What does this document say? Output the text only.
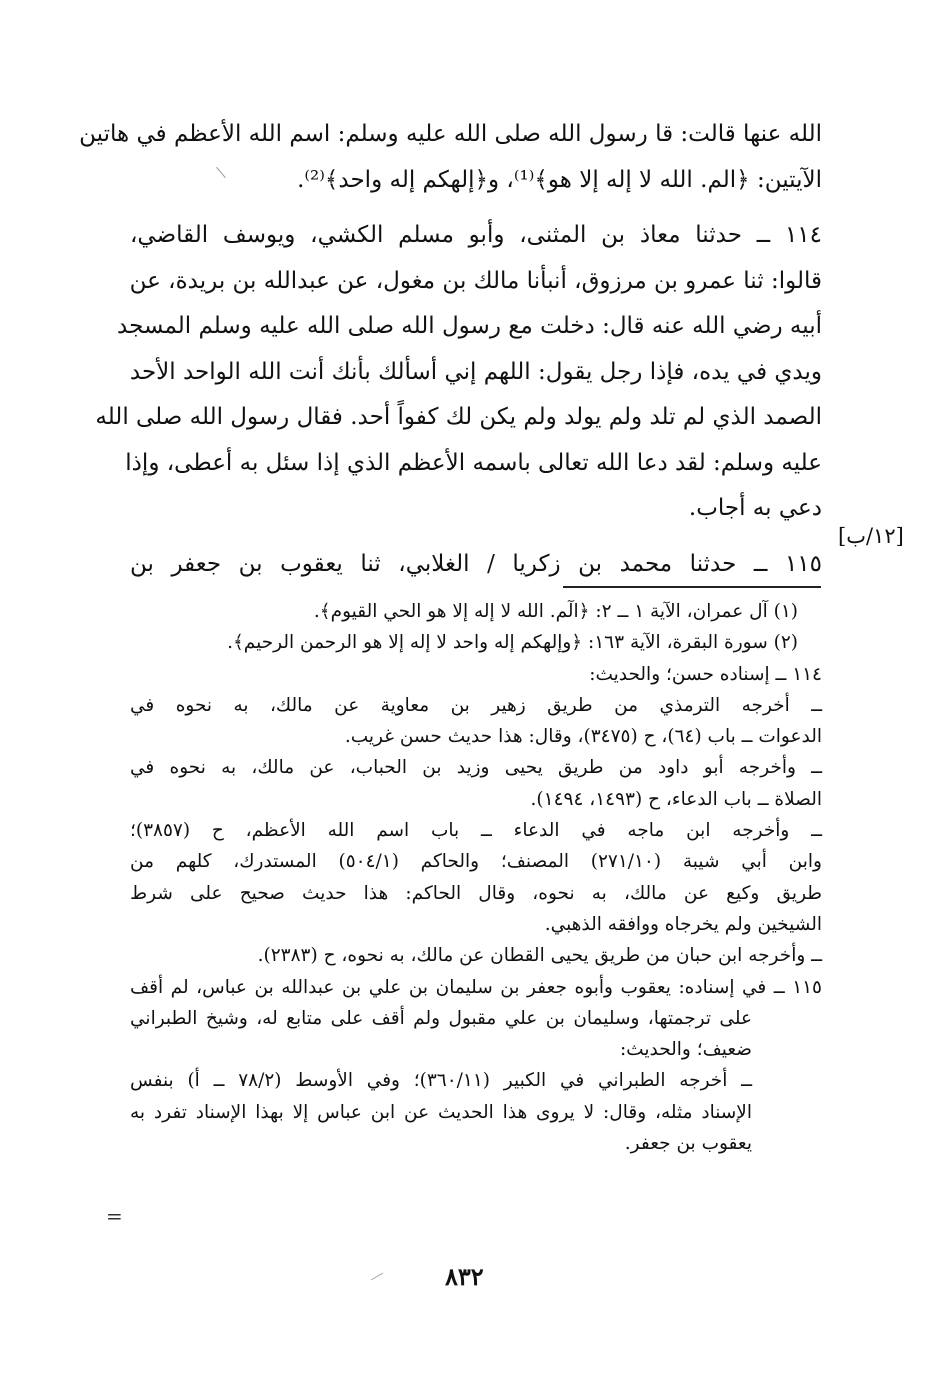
الله عنها قالت: قا رسول الله صلى الله عليه وسلم: اسم الله الأعظم في هاتين
الآيتين: ﴿الم. الله لا إله إلا هو﴾⁽¹⁾، و﴿إلهكم إله واحد﴾⁽²⁾.
١١٤ ــ حدثنا معاذ بن المثنى، وأبو مسلم الكشي، ويوسف القاضي،
قالوا: ثنا عمرو بن مرزوق، أنبأنا مالك بن مغول، عن عبدالله بن بريدة، عن
أبيه رضي الله عنه قال: دخلت مع رسول الله صلى الله عليه وسلم المسجد
ويدي في يده، فإذا رجل يقول: اللهم إني أسألك بأنك أنت الله الواحد الأحد
الصمد الذي لم تلد ولم يولد ولم يكن لك كفواً أحد. فقال رسول الله صلى الله
عليه وسلم: لقد دعا الله تعالى باسمه الأعظم الذي إذا سئل به أعطى، وإذا
دعي به أجاب.
١١٥ ــ حدثنا محمد بن زكريا / الغلابي، ثنا يعقوب بن جعفر بن
[١٢/ب]
(١) آل عمران، الآية ١ ــ ٢: ﴿الٓم. الله لا إله إلا هو الحي القيوم﴾.
(٢) سورة البقرة، الآية ١٦٣: ﴿وإلهكم إله واحد لا إله إلا هو الرحمن الرحيم﴾.
١١٤ ــ إسناده حسن؛ والحديث:
ــ أخرجه الترمذي من طريق زهير بن معاوية عن مالك، به نحوه في
الدعوات ــ باب (٦٤)، ح (٣٤٧٥)، وقال: هذا حديث حسن غريب.
ــ وأخرجه أبو داود من طريق يحيى وزيد بن الحباب، عن مالك، به نحوه في
الصلاة ــ باب الدعاء، ح (١٤٩٣، ١٤٩٤).
ــ وأخرجه ابن ماجه في الدعاء ــ باب اسم الله الأعظم، ح (٣٨٥٧)؛
وابن أبي شيبة (٢٧١/١٠) المصنف؛ والحاكم (٥٠٤/١) المستدرك، كلهم من
طريق وكيع عن مالك، به نحوه، وقال الحاكم: هذا حديث صحيح على شرط
الشيخين ولم يخرجاه ووافقه الذهبي.
ــ وأخرجه ابن حبان من طريق يحيى القطان عن مالك، به نحوه، ح (٢٣٨٣).
١١٥ ــ في إسناده: يعقوب وأبوه جعفر بن سليمان بن علي بن عبدالله بن عباس، لم أقف
على ترجمتها، وسليمان بن علي مقبول ولم أقف على متابع له، وشيخ الطبراني
ضعيف؛ والحديث:
ــ أخرجه الطبراني في الكبير (٣٦٠/١١)؛ وفي الأوسط (٧٨/٢ ــ أ) بنفس
الإسناد مثله، وقال: لا يروى هذا الحديث عن ابن عباس إلا بهذا الإسناد تفرد به
يعقوب بن جعفر.
=
٨٣٢
